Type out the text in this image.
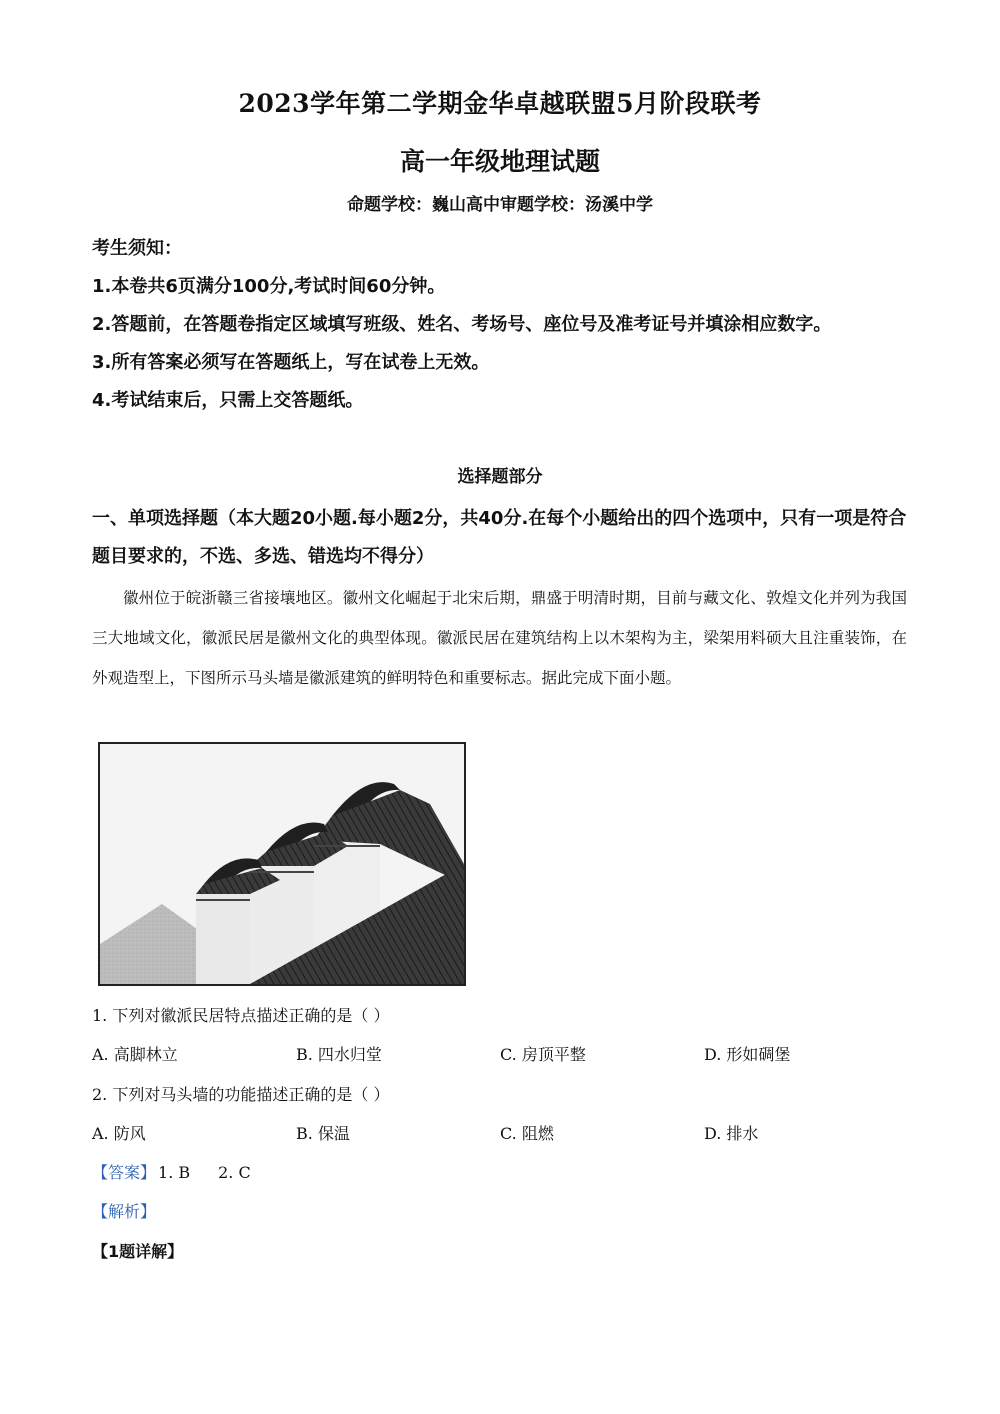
2023学年第二学期金华卓越联盟5月阶段联考
高一年级地理试题
命题学校：巍山高中审题学校：汤溪中学
考生须知：
1.本卷共6页满分100分,考试时间60分钟。
2.答题前，在答题卷指定区域填写班级、姓名、考场号、座位号及准考证号并填涂相应数字。
3.所有答案必须写在答题纸上，写在试卷上无效。
4.考试结束后，只需上交答题纸。
选择题部分
一、单项选择题（本大题20小题.每小题2分，共40分.在每个小题给出的四个选项中，只有一项是符合题目要求的，不选、多选、错选均不得分）
徽州位于皖浙赣三省接壤地区。徽州文化崛起于北宋后期，鼎盛于明清时期，目前与藏文化、敦煌文化并列为我国三大地域文化，徽派民居是徽州文化的典型体现。徽派民居在建筑结构上以木架构为主，梁架用料硕大且注重装饰，在外观造型上，下图所示马头墙是徽派建筑的鲜明特色和重要标志。据此完成下面小题。
1. 下列对徽派民居特点描述正确的是（ ）
A. 高脚林立	B. 四水归堂	C. 房顶平整	D. 形如碉堡
2. 下列对马头墙的功能描述正确的是（ ）
A. 防风	B. 保温	C. 阻燃	D. 排水
【答案】 1. B 2. C
【解析】
【1题详解】
